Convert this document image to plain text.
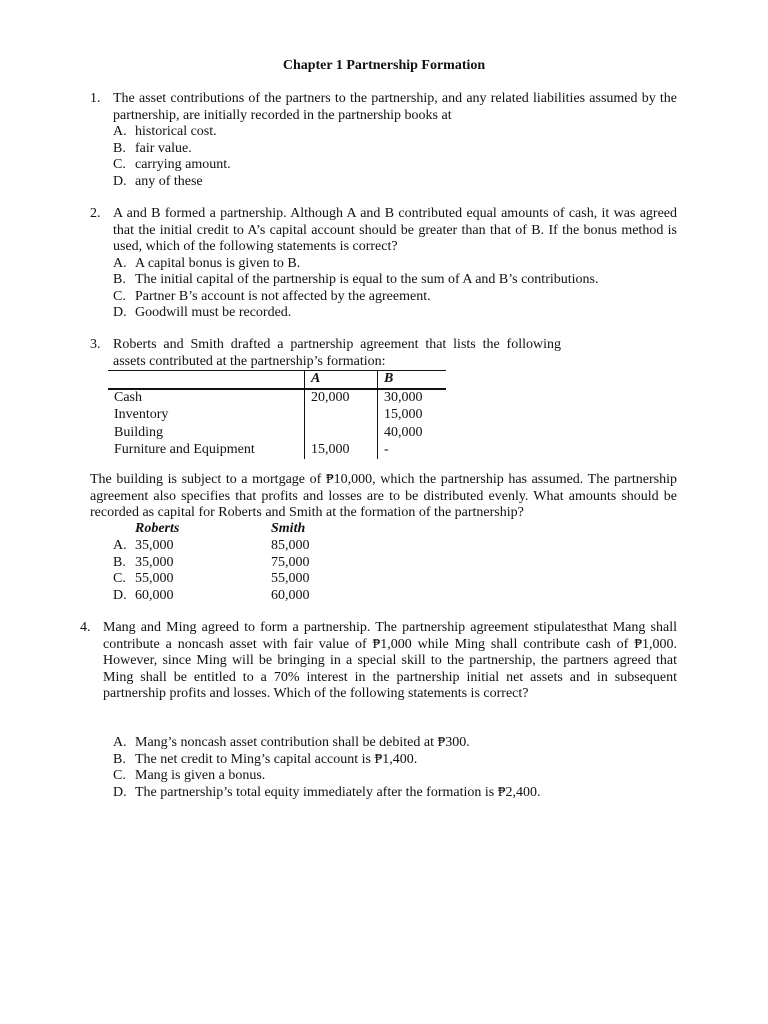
Chapter 1 Partnership Formation
1. The asset contributions of the partners to the partnership, and any related liabilities assumed by the partnership, are initially recorded in the partnership books at
A. historical cost.
B. fair value.
C. carrying amount.
D. any of these
2. A and B formed a partnership. Although A and B contributed equal amounts of cash, it was agreed that the initial credit to A’s capital account should be greater than that of B. If the bonus method is used, which of the following statements is correct?
A. A capital bonus is given to B.
B. The initial capital of the partnership is equal to the sum of A and B’s contributions.
C. Partner B’s account is not affected by the agreement.
D. Goodwill must be recorded.
3. Roberts and Smith drafted a partnership agreement that lists the following
assets contributed at the partnership’s formation:
	A	B
Cash	20,000	30,000
Inventory		15,000
Building		40,000
Furniture and Equipment	15,000	-
The building is subject to a mortgage of ₱10,000, which the partnership has assumed. The partnership agreement also specifies that profits and losses are to be distributed evenly. What amounts should be recorded as capital for Roberts and Smith at the formation of the partnership?
Roberts	Smith
A. 35,000	85,000
B. 35,000	75,000
C. 55,000	55,000
D. 60,000	60,000
4. Mang and Ming agreed to form a partnership. The partnership agreement stipulatesthat Mang shall contribute a noncash asset with fair value of ₱1,000 while Ming shall contribute cash of ₱1,000. However, since Ming will be bringing in a special skill to the partnership, the partners agreed that Ming shall be entitled to a 70% interest in the partnership initial net assets and in subsequent partnership profits and losses. Which of the following statements is correct?
A. Mang’s noncash asset contribution shall be debited at ₱300.
B. The net credit to Ming’s capital account is ₱1,400.
C. Mang is given a bonus.
D. The partnership’s total equity immediately after the formation is ₱2,400.
